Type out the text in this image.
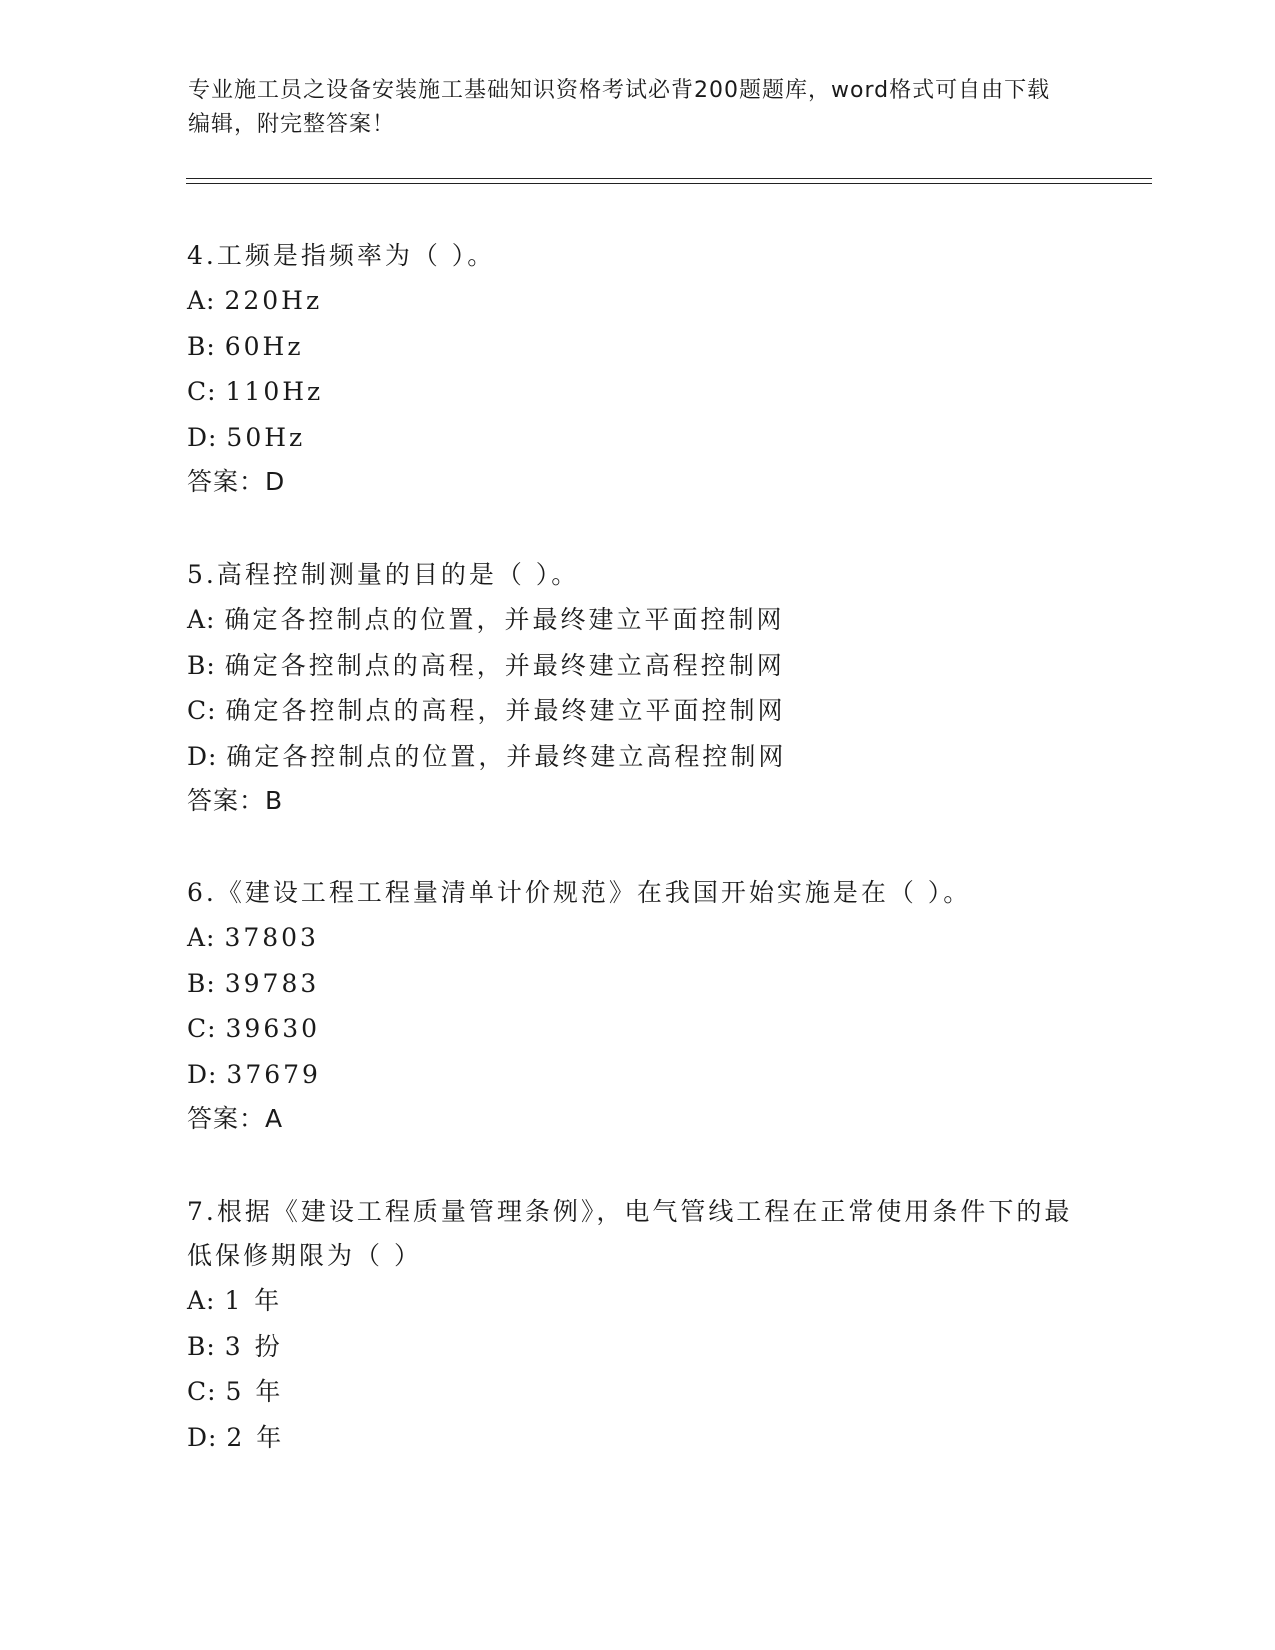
专业施工员之设备安装施工基础知识资格考试必背200题题库，word格式可自由下载编辑，附完整答案！
4.工频是指频率为（ ）。
A: 220Hz
B: 60Hz
C: 110Hz
D: 50Hz
答案：D
5.高程控制测量的目的是（ ）。
A: 确定各控制点的位置，并最终建立平面控制网
B: 确定各控制点的高程，并最终建立高程控制网
C: 确定各控制点的高程，并最终建立平面控制网
D: 确定各控制点的位置，并最终建立高程控制网
答案：B
6.《建设工程工程量清单计价规范》在我国开始实施是在（ ）。
A: 37803
B: 39783
C: 39630
D: 37679
答案：A
7.根据《建设工程质量管理条例》，电气管线工程在正常使用条件下的最低保修期限为（ ）
A: 1 年
B: 3 扮
C: 5 年
D: 2 年
